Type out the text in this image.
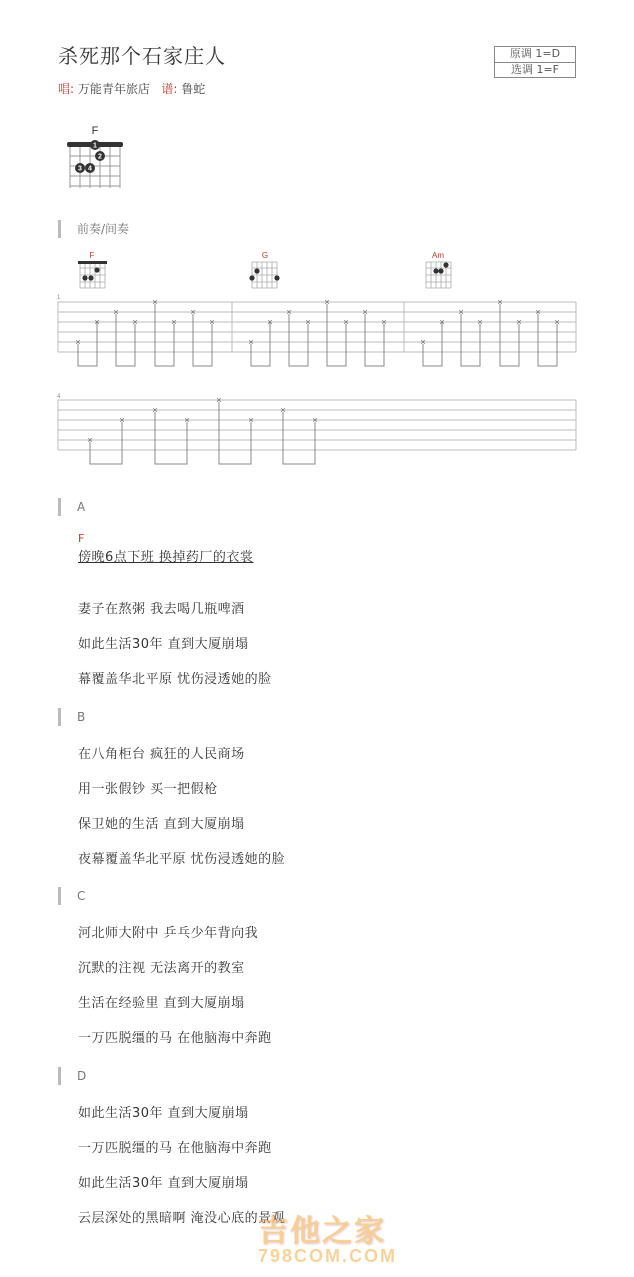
杀死那个石家庄人	原调 1=D
选调 1=F
唱: 万能青年旅店 谱: 鲁蛇
F
1
2
3 4
前奏/间奏
F	G	Am
1
×
×
×
×
×
×
×
×
×
×
×
×
×
×
×
×
×
×
×
×
×
×
×
×
4
×
×
×
×
×
×
×
×
A
F
傍晚6点下班 换掉药厂的衣裳
妻子在熬粥 我去喝几瓶啤酒
如此生活30年 直到大厦崩塌
幕覆盖华北平原 忧伤浸透她的脸
B
在八角柜台 疯狂的人民商场
用一张假钞 买一把假枪
保卫她的生活 直到大厦崩塌
夜幕覆盖华北平原 忧伤浸透她的脸
C
河北师大附中 乒乓少年背向我
沉默的注视 无法离开的教室
生活在经验里 直到大厦崩塌
一万匹脱缰的马 在他脑海中奔跑
D
如此生活30年 直到大厦崩塌
一万匹脱缰的马 在他脑海中奔跑
如此生活30年 直到大厦崩塌
云层深处的黑暗啊 淹没心底的景观
吉他之家
798COM.COM
